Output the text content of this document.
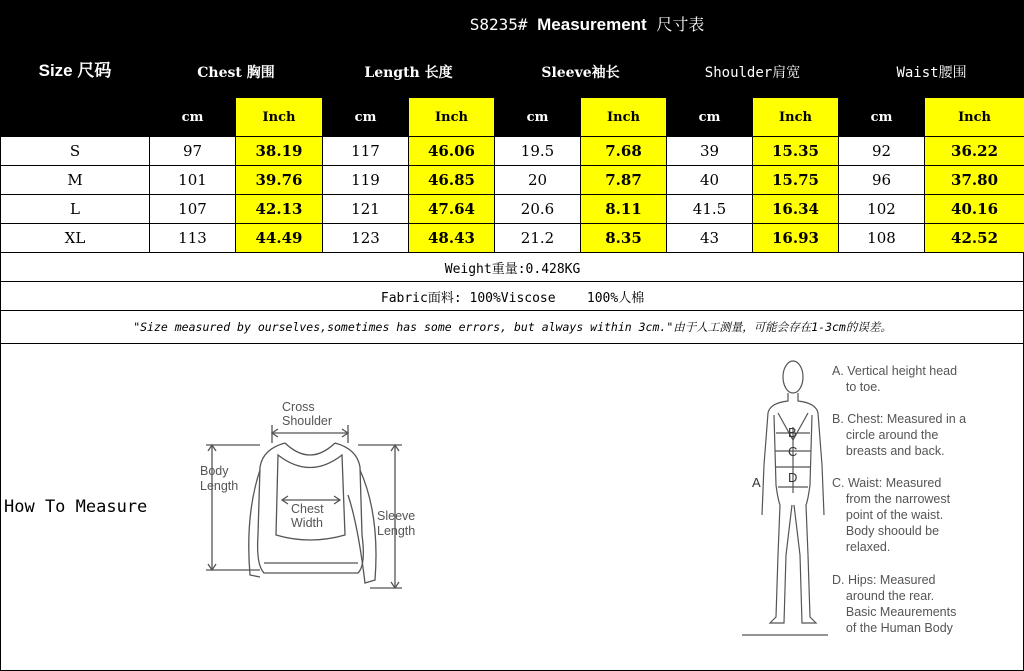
Size 尺码	S8235# Measurement 尺寸表									
	Chest 胸围		Length 长度		Sleeve袖长		Shoulder肩宽		Waist腰围	
	cm	Inch	cm	Inch	cm	Inch	cm	Inch	cm	Inch
S	97	38.19	117	46.06	19.5	7.68	39	15.35	92	36.22
M	101	39.76	119	46.85	20	7.87	40	15.75	96	37.80
L	107	42.13	121	47.64	20.6	8.11	41.5	16.34	102	40.16
XL	113	44.49	123	48.43	21.2	8.35	43	16.93	108	42.52
Weight重量:0.428KG										
Fabric面料: 100%Viscose    100%人棉										
"Size measured by ourselves,sometimes has some errors, but always within 3cm."由于人工测量，可能会存在1-3cm的误差。										
How To Measure
Cross
Shoulder
Body
Length
Chest
Width	Sleeve
Length
A
B
C
D
A. Vertical height head
to toe.
B. Chest: Measured in a
circle around the
breasts and back.
C. Waist: Measured
from the narrowest
point of the waist.
Body shoould be
relaxed.
D. Hips: Measured
around the rear.
Basic Meaurements
of the Human Body
